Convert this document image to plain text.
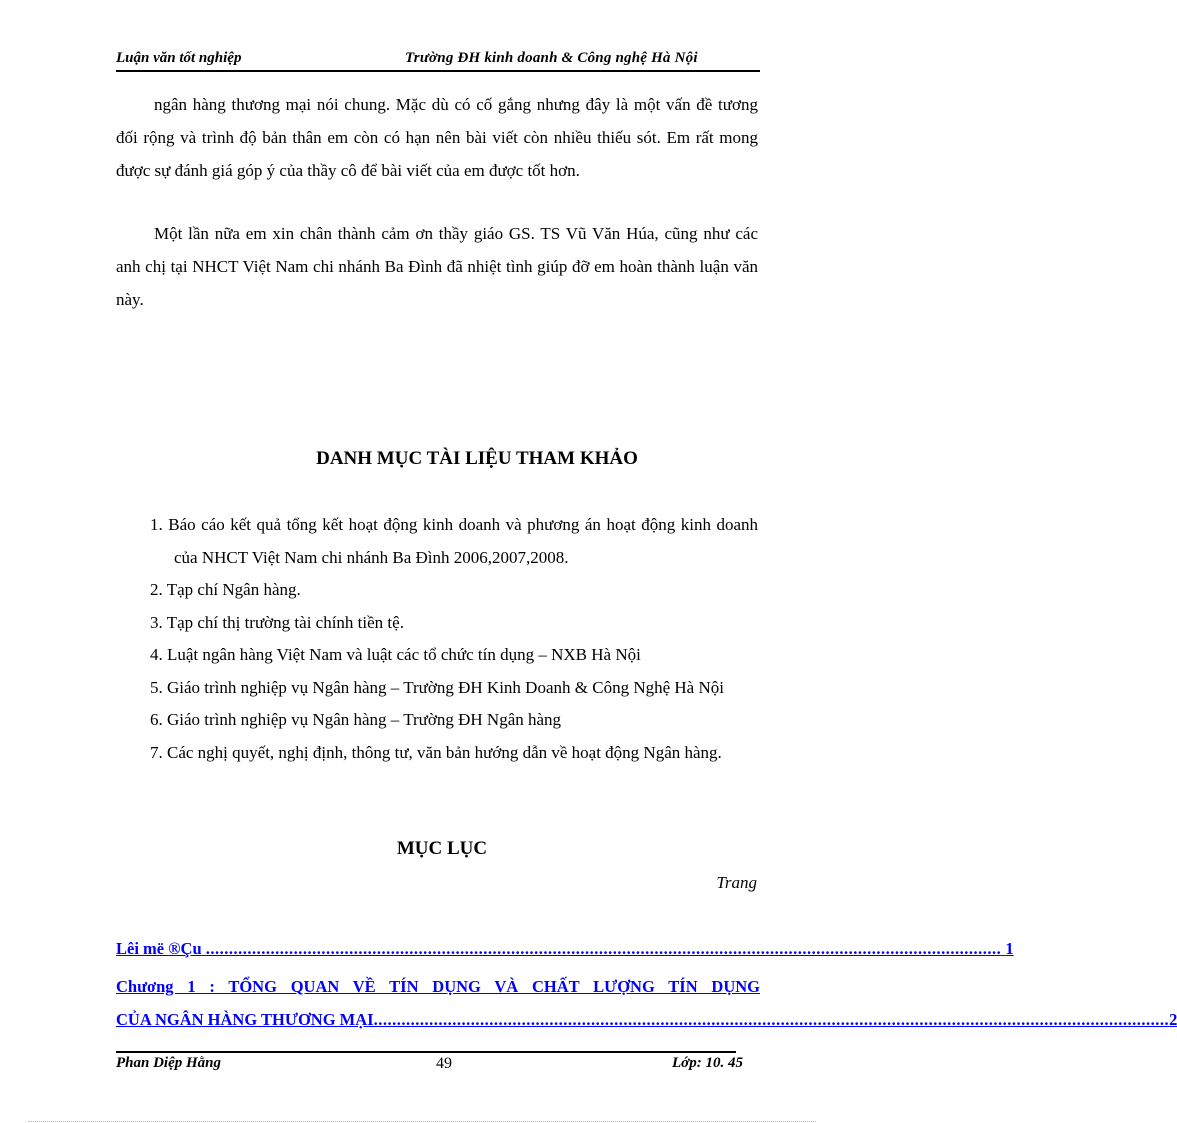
Luận văn tốt nghiệp	Trường ĐH kinh doanh & Công nghệ Hà Nội

ngân hàng thương mại nói chung. Mặc dù có cố gắng nhưng đây là một vấn đề tương đối rộng và trình độ bản thân em còn có hạn nên bài viết còn nhiều thiếu sót. Em rất mong được sự đánh giá góp ý của thầy cô để bài viết của em được tốt hơn.

Một lần nữa em xin chân thành cảm ơn thầy giáo GS. TS Vũ Văn Húa, cũng như các anh chị tại NHCT Việt Nam chi nhánh Ba Đình đã nhiệt tình giúp đỡ em hoàn thành luận văn này.

DANH MỤC TÀI LIỆU THAM KHẢO
1. Báo cáo kết quả tổng kết hoạt động kinh doanh và phương án hoạt động kinh doanh của NHCT Việt Nam chi nhánh Ba Đình 2006,2007,2008.
2. Tạp chí Ngân hàng.
3. Tạp chí thị trường tài chính tiền tệ.
4. Luật ngân hàng Việt Nam và luật các tổ chức tín dụng – NXB Hà Nội
5. Giáo trình nghiệp vụ Ngân hàng – Trường ĐH Kinh Doanh & Công Nghệ Hà Nội
6. Giáo trình nghiệp vụ Ngân hàng – Trường ĐH Ngân hàng
7. Các nghị quyết, nghị định, thông tư, văn bản hướng dẫn về hoạt động Ngân hàng.
MỤC LỤC
Trang
Lêi më ®Çu ............................................................................................................................................................................ 1
Chương 1 : TỔNG QUAN VỀ TÍN DỤNG VÀ CHẤT LƯỢNG TÍN DỤNG
CỦA NGÂN HÀNG THƯƠNG MẠI ............................................................................................................................................................................ 2
Phan Diệp Hằng	49	Lớp: 10. 45
